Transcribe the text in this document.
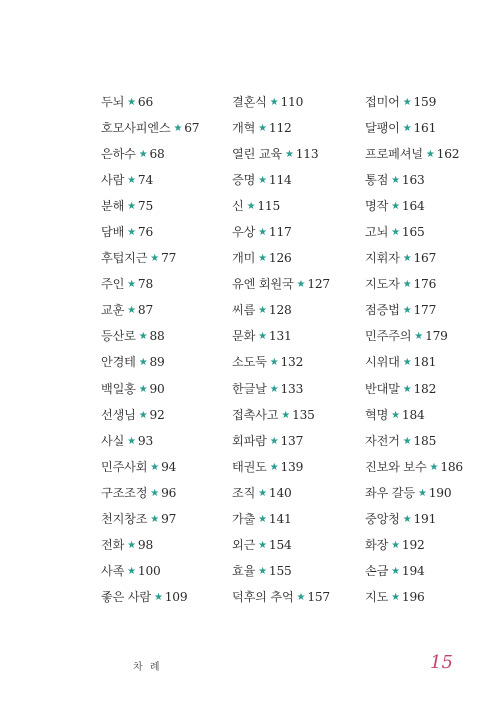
두뇌 ★ 66
호모사피엔스 ★ 67
은하수 ★ 68
사람 ★ 74
분해 ★ 75
담배 ★ 76
후텁지근 ★ 77
주인 ★ 78
교훈 ★ 87
등산로 ★ 88
안경테 ★ 89
백일홍 ★ 90
선생님 ★ 92
사실 ★ 93
민주사회 ★ 94
구조조정 ★ 96
천지창조 ★ 97
전화 ★ 98
사족 ★ 100
좋은 사람 ★ 109
결혼식 ★ 110
개혁 ★ 112
열린 교육 ★ 113
증명 ★ 114
신 ★ 115
우상 ★ 117
개미 ★ 126
유엔 회원국 ★ 127
씨름 ★ 128
문화 ★ 131
소도둑 ★ 132
한글날 ★ 133
접촉사고 ★ 135
회파람 ★ 137
태권도 ★ 139
조직 ★ 140
가출 ★ 141
외근 ★ 154
효율 ★ 155
덕후의 추억 ★ 157
접미어 ★ 159
달팽이 ★ 161
프로페셔널 ★ 162
통점 ★ 163
명작 ★ 164
고뇌 ★ 165
지휘자 ★ 167
지도자 ★ 176
점증법 ★ 177
민주주의 ★ 179
시위대 ★ 181
반대말 ★ 182
혁명 ★ 184
자전거 ★ 185
진보와 보수 ★ 186
좌우 갈등 ★ 190
중앙청 ★ 191
화장 ★ 192
손금 ★ 194
지도 ★ 196
차 례	15
